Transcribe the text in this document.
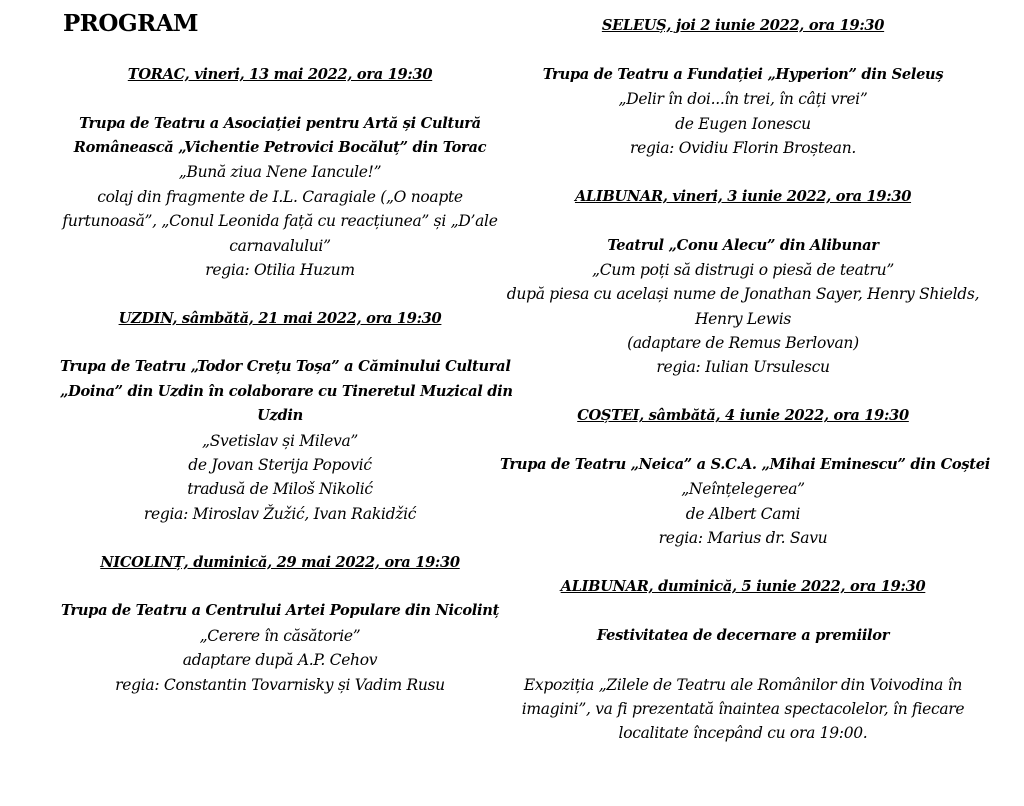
PROGRAM
TORAC, vineri, 13 mai 2022, ora 19:30
Trupa de Teatru a Asociației pentru Artă și Cultură
Românească „Vichentie Petrovici Bocăluț” din Torac
„Bună ziua Nene Iancule!”
colaj din fragmente de I.L. Caragiale („O noapte
furtunoasă”, „Conul Leonida față cu reacțiunea” și „D’ale
carnavalului”
regia: Otilia Huzum
UZDIN, sâmbătă, 21 mai 2022, ora 19:30
Trupa de Teatru „Todor Crețu Toșa” a Căminului Cultural
„Doina” din Uzdin în colaborare cu Tineretul Muzical din
Uzdin
„Svetislav și Mileva”
de Jovan Sterija Popović
tradusă de Miloš Nikolić
regia: Miroslav Žužić, Ivan Rakidžić
NICOLINȚ, duminică, 29 mai 2022, ora 19:30
Trupa de Teatru a Centrului Artei Populare din Nicolinț
„Cerere în căsătorie”
adaptare după A.P. Cehov
regia: Constantin Tovarnisky și Vadim Rusu
SELEUȘ, joi 2 iunie 2022, ora 19:30
Trupa de Teatru a Fundației „Hyperion” din Seleuș
„Delir în doi...în trei, în câți vrei”
de Eugen Ionescu
regia: Ovidiu Florin Broștean.
ALIBUNAR, vineri, 3 iunie 2022, ora 19:30
Teatrul „Conu Alecu” din Alibunar
„Cum poți să distrugi o piesă de teatru”
după piesa cu același nume de Jonathan Sayer, Henry Shields,
Henry Lewis
(adaptare de Remus Berlovan)
regia: Iulian Ursulescu
COȘTEI, sâmbătă, 4 iunie 2022, ora 19:30
Trupa de Teatru „Neica” a S.C.A. „Mihai Eminescu” din Coștei
„Neînțelegerea”
de Albert Cami
regia: Marius dr. Savu
ALIBUNAR, duminică, 5 iunie 2022, ora 19:30
Festivitatea de decernare a premiilor
Expoziția „Zilele de Teatru ale Românilor din Voivodina în
imagini”, va fi prezentată înaintea spectacolelor, în fiecare
localitate începând cu ora 19:00.
